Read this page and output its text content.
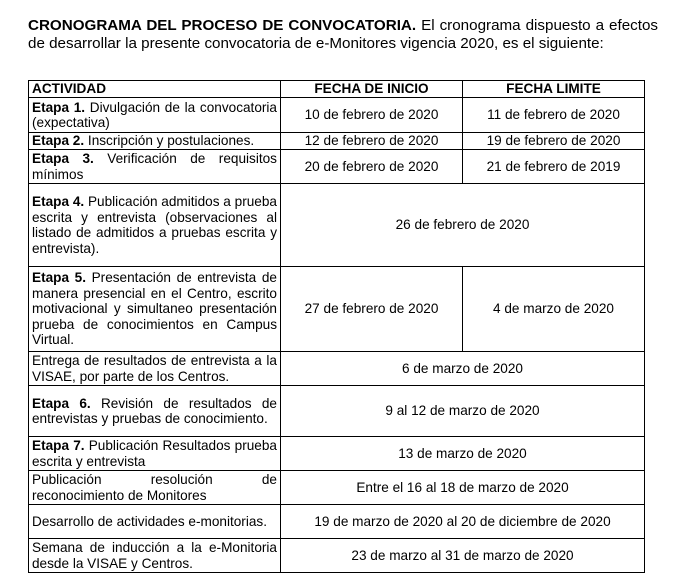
CRONOGRAMA DEL PROCESO DE CONVOCATORIA. El cronograma dispuesto a efectos de desarrollar la presente convocatoria de e-Monitores vigencia 2020, es el siguiente:

ACTIVIDAD	FECHA DE INICIO	FECHA LIMITE
Etapa 1. Divulgación de la convocatoria (expectativa)	10 de febrero de 2020	11 de febrero de 2020
Etapa 2. Inscripción y postulaciones.	12 de febrero de 2020	19 de febrero de 2020
Etapa 3. Verificación de requisitos mínimos	20 de febrero de 2020	21 de febrero de 2019
Etapa 4. Publicación admitidos a prueba escrita y entrevista (observaciones al listado de admitidos a pruebas escrita y entrevista).	26 de febrero de 2020	
Etapa 5. Presentación de entrevista de manera presencial en el Centro, escrito motivacional y simultaneo presentación prueba de conocimientos en Campus Virtual.	27 de febrero de 2020	4 de marzo de 2020
Entrega de resultados de entrevista a la VISAE, por parte de los Centros.	6 de marzo de 2020	
Etapa 6. Revisión de resultados de entrevistas y pruebas de conocimiento.	9 al 12 de marzo de 2020	
Etapa 7. Publicación Resultados prueba escrita y entrevista	13 de marzo de 2020	
Publicación resolución de reconocimiento de Monitores	Entre el 16 al 18 de marzo de 2020	
Desarrollo de actividades e-monitorias.	19 de marzo de 2020 al 20 de diciembre de 2020	
Semana de inducción a la e-Monitoria desde la VISAE y Centros.	23 de marzo al 31 de marzo de 2020	
